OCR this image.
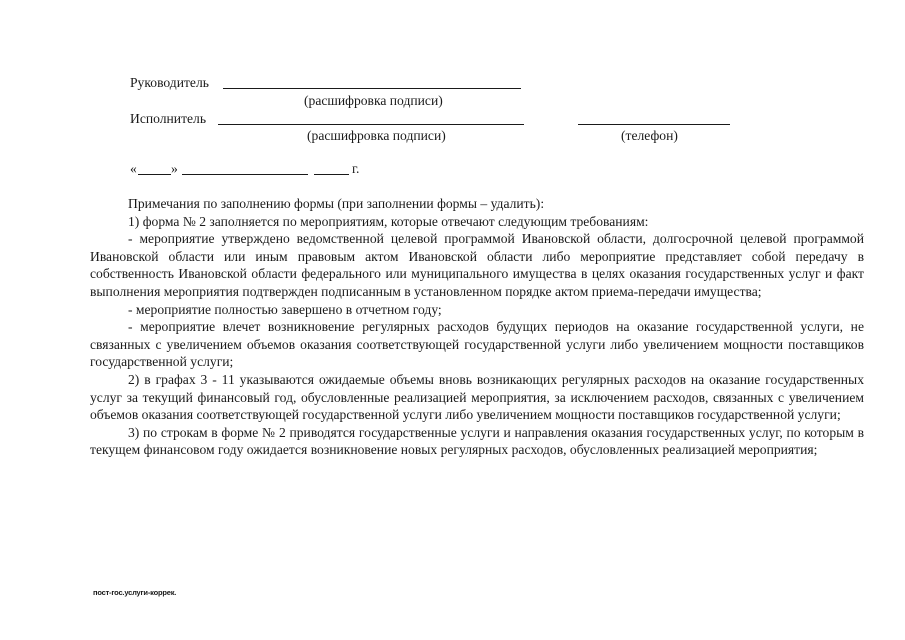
Руководитель
(расшифровка подписи)
Исполнитель
(расшифровка подписи)	(телефон)
«	»	г.

Примечания по заполнению формы (при заполнении формы – удалить):

1) форма № 2 заполняется по мероприятиям, которые отвечают следующим требованиям:

- мероприятие утверждено ведомственной целевой программой Ивановской области, долгосрочной целевой программой Ивановской области или иным правовым актом Ивановской области либо мероприятие представляет собой передачу в собственность Ивановской области федерального или муниципального имущества в целях оказания государственных услуг и факт выполнения мероприятия подтвержден подписанным в установленном порядке актом приема-передачи имущества;

- мероприятие полностью завершено в отчетном году;

- мероприятие влечет возникновение регулярных расходов будущих периодов на оказание государственной услуги, не связанных с увеличением объемов оказания соответствующей государственной услуги либо увеличением мощности поставщиков государственной услуги;

2) в графах 3 - 11 указываются ожидаемые объемы вновь возникающих регулярных расходов на оказание государственных услуг за текущий финансовый год, обусловленные реализацией мероприятия, за исключением расходов, связанных с увеличением объемов оказания соответствующей государственной услуги либо увеличением мощности поставщиков государственной услуги;

3) по строкам в форме № 2 приводятся государственные услуги и направления оказания государственных услуг, по которым в текущем финансовом году ожидается возникновение новых регулярных расходов, обусловленных реализацией мероприятия;

пост-гос.услуги-коррек.
